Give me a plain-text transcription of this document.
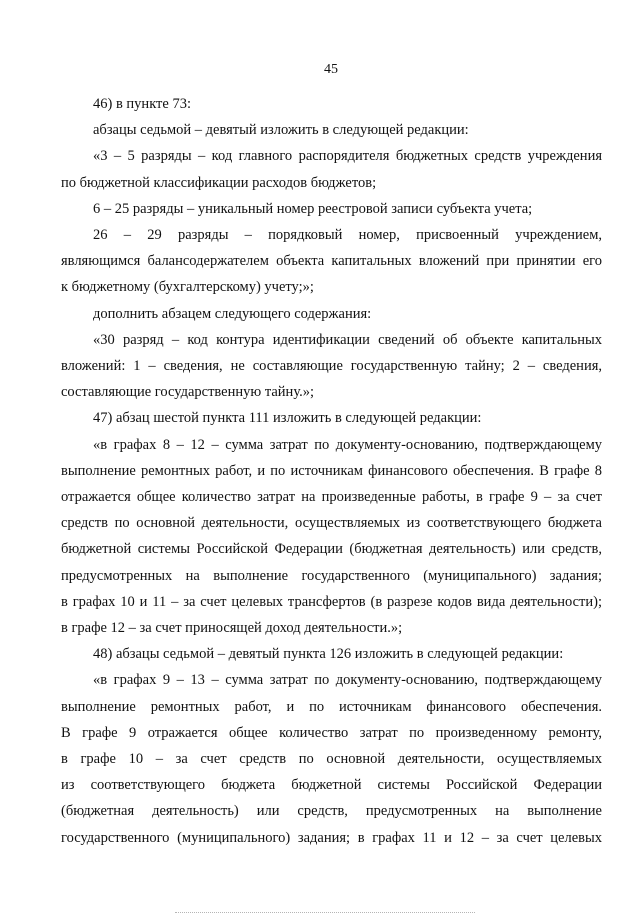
45
46) в пункте 73:
абзацы седьмой – девятый изложить в следующей редакции:
«3 – 5 разряды – код главного распорядителя бюджетных средств учреждения
по бюджетной классификации расходов бюджетов;
6 – 25 разряды – уникальный номер реестровой записи субъекта учета;
26 – 29 разряды – порядковый номер, присвоенный учреждением,
являющимся балансодержателем объекта капитальных вложений при принятии его
к бюджетному (бухгалтерскому) учету;»;
дополнить абзацем следующего содержания:
«30 разряд – код контура идентификации сведений об объекте капитальных
вложений: 1 – сведения, не составляющие государственную тайну; 2 – сведения,
составляющие государственную тайну.»;
47) абзац шестой пункта 111 изложить в следующей редакции:
«в графах 8 – 12 – сумма затрат по документу-основанию, подтверждающему
выполнение ремонтных работ, и по источникам финансового обеспечения. В графе 8
отражается общее количество затрат на произведенные работы, в графе 9 – за счет
средств по основной деятельности, осуществляемых из соответствующего бюджета
бюджетной системы Российской Федерации (бюджетная деятельность) или средств,
предусмотренных на выполнение государственного (муниципального) задания;
в графах 10 и 11 – за счет целевых трансфертов (в разрезе кодов вида деятельности);
в графе 12 – за счет приносящей доход деятельности.»;
48) абзацы седьмой – девятый пункта 126 изложить в следующей редакции:
«в графах 9 – 13 – сумма затрат по документу-основанию, подтверждающему
выполнение ремонтных работ, и по источникам финансового обеспечения.
В графе 9 отражается общее количество затрат по произведенному ремонту,
в графе 10 – за счет средств по основной деятельности, осуществляемых
из соответствующего бюджета бюджетной системы Российской Федерации
(бюджетная деятельность) или средств, предусмотренных на выполнение
государственного (муниципального) задания; в графах 11 и 12 – за счет целевых
